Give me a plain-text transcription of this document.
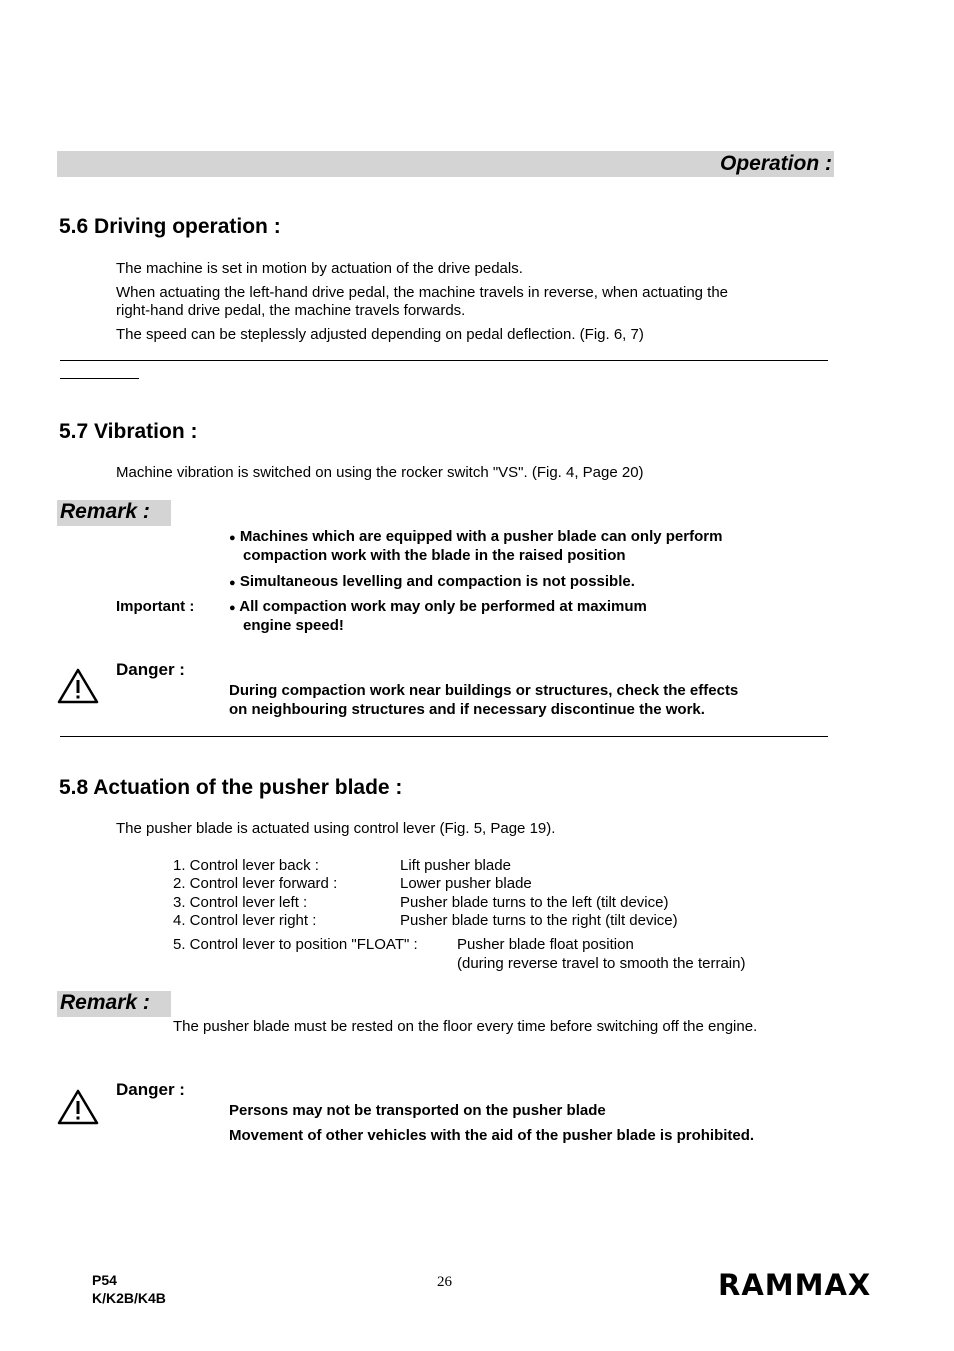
Operation :
5.6 Driving operation :
The machine is set in motion by actuation of the drive pedals.
When actuating the left-hand drive pedal, the machine travels in reverse, when actuating the
right-hand drive pedal, the machine travels forwards.
The speed can be steplessly adjusted depending on pedal deflection. (Fig. 6, 7)
5.7 Vibration :
Machine vibration is switched on using the rocker switch "VS". (Fig. 4, Page 20)
Remark :
● Machines which are equipped with a pusher blade can only perform
compaction work with the blade in the raised position
● Simultaneous levelling and compaction is not possible.
Important :	● All compaction work may only be performed at maximum
engine speed!
Danger :
During compaction work near buildings or structures, check the effects
on neighbouring structures and if necessary discontinue the work.
5.8 Actuation of the pusher blade :
The pusher blade is actuated using control lever (Fig. 5, Page 19).
1. Control lever back :	Lift pusher blade
2. Control lever forward :	Lower pusher blade
3. Control lever left :	Pusher blade turns to the left (tilt device)
4. Control lever right :	Pusher blade turns to the right (tilt device)
5. Control lever to position "FLOAT" :	Pusher blade float position
(during reverse travel to smooth the terrain)
Remark :
The pusher blade must be rested on the floor every time before switching off the engine.
Danger :
Persons may not be transported on the pusher blade
Movement of other vehicles with the aid of the pusher blade is prohibited.
P54
K/K2B/K4B
26	RAMMAX
